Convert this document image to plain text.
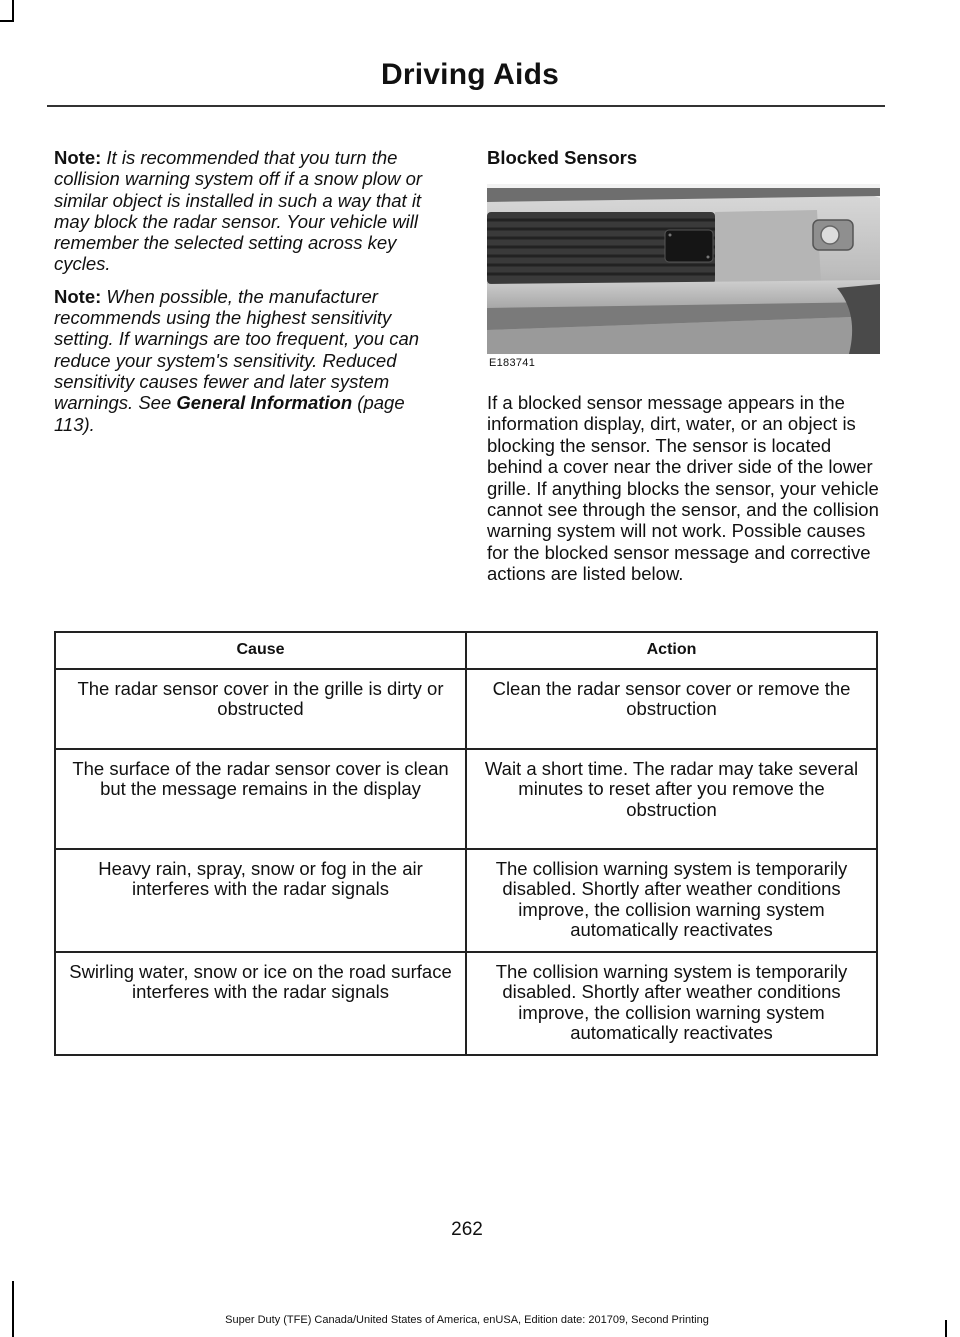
Driving Aids

Note: It is recommended that you turn the collision warning system off if a snow plow or similar object is installed in such a way that it may block the radar sensor. Your vehicle will remember the selected setting across key cycles.

Note: When possible, the manufacturer recommends using the highest sensitivity setting. If warnings are too frequent, you can reduce your system's sensitivity. Reduced sensitivity causes fewer and later system warnings. See General Information (page 113).

Blocked Sensors
E183741

If a blocked sensor message appears in the information display, dirt, water, or an object is blocking the sensor. The sensor is located behind a cover near the driver side of the lower grille. If anything blocks the sensor, your vehicle cannot see through the sensor, and the collision warning system will not work. Possible causes for the blocked sensor message and corrective actions are listed below.

Cause	Action
The radar sensor cover in the grille is dirty or obstructed	Clean the radar sensor cover or remove the obstruction
The surface of the radar sensor cover is clean but the message remains in the display	Wait a short time. The radar may take several minutes to reset after you remove the obstruction
Heavy rain, spray, snow or fog in the air interferes with the radar signals	The collision warning system is temporarily disabled. Shortly after weather conditions improve, the collision warning system automatically reactivates
Swirling water, snow or ice on the road surface interferes with the radar signals	The collision warning system is temporarily disabled. Shortly after weather conditions improve, the collision warning system automatically reactivates
262
Super Duty (TFE) Canada/United States of America, enUSA, Edition date: 201709, Second Printing
